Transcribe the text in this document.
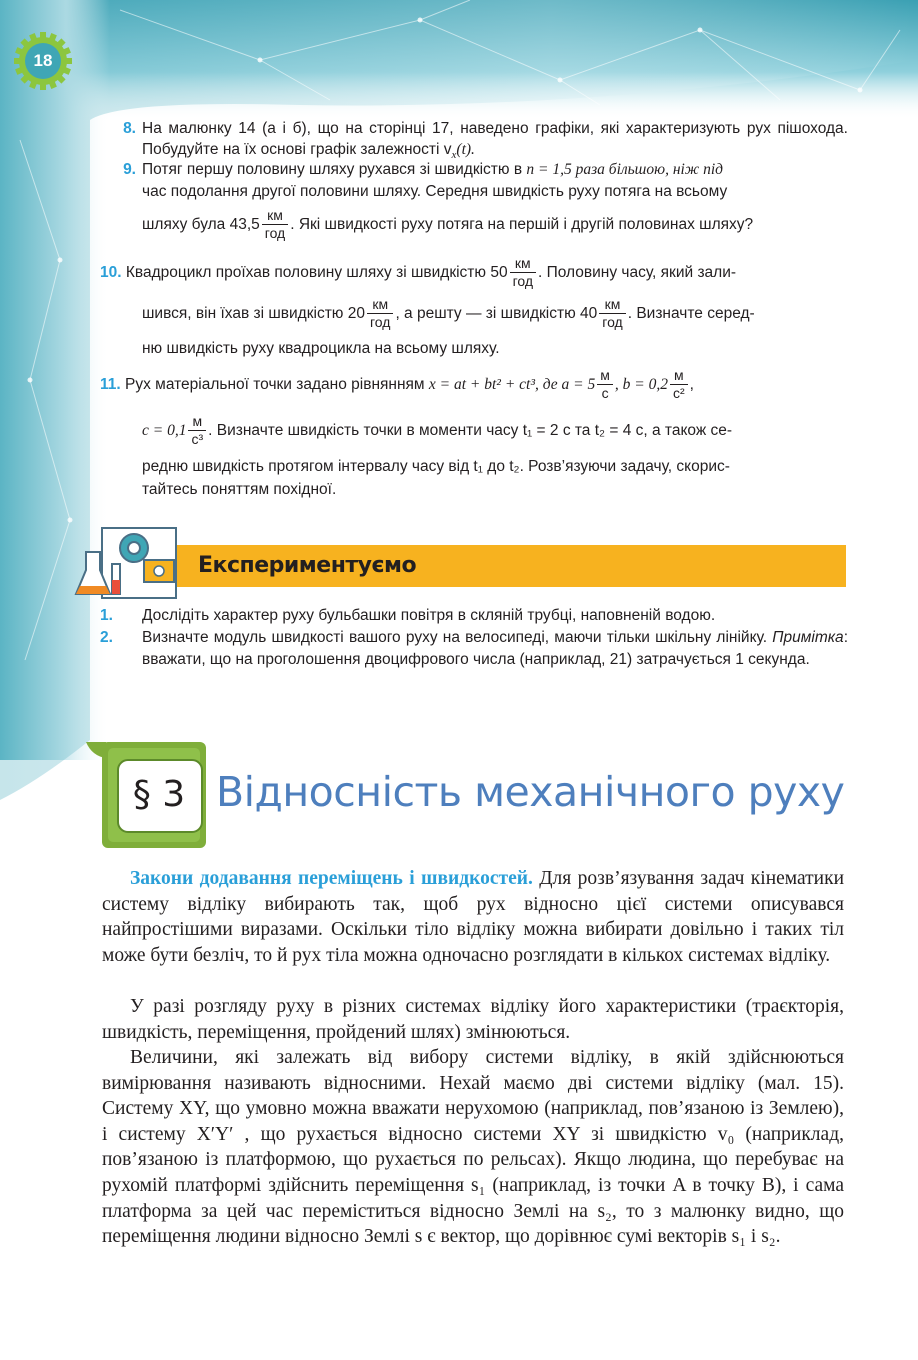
18
8. На малюнку 14 (а і б), що на сторінці 17, наведено графіки, які характеризують рух пішохода. Побудуйте на їх основі графік залежності $v_x(t)$.
9. Потяг першу половину шляху рухався зі швидкістю в n = 1,5 раза більшою, ніж під
час подолання другої половини шляху. Середня швидкість руху потяга на всьому
шляху була $43,5 \frac{км}{\text{год}}$ . Які швидкості руху потяга на першій і другій половинах шляху?
10. Квадроцикл проїхав половину шляху зі швидкістю $50 \frac{км}{\text{год}}$ . Половину часу, який зали-
шився, він їхав зі швидкістю $20 \frac{км}{\text{год}}$ , а решту — зі швидкістю $40 \frac{км}{\text{год}}$ . Визначте серед-
ню швидкість руху квадроцикла на всьому шляху.
11. Рух матеріальної точки задано рівнянням x = at + bt² + ct³, де $a = 5 \frac{м}{с}$ , $b = 0,2 \frac{м}{\text{с²}}$ ,
$c = 0,1 \frac{м}{\text{с³}}$ . Визначте швидкість точки в моменти часу t₁ = 2 с та t₂ = 4 с, а також се-
редню швидкість протягом інтервалу часу від t₁ до t₂. Розв’язуючи задачу, скорис-
тайтесь поняттям похідної.
Експериментуємо
1. Дослідіть характер руху бульбашки повітря в скляній трубці, наповненій водою.
2. Визначте модуль швидкості вашого руху на велосипеді, маючи тільки шкільну лінійку. Примітка: вважати, що на проголошення двоцифрового числа (наприклад, 21) затрачується 1 секунда.
§ 3 Відносність механічного руху
Закони додавання переміщень і швидкостей. Для розв’язування задач кінематики систему відліку вибирають так, щоб рух відносно цієї системи описувався найпростішими виразами. Оскільки тіло відліку можна вибирати довільно і таких тіл може бути безліч, то й рух тіла можна одночасно розглядати в кількох системах відліку.
У разі розгляду руху в різних системах відліку його характеристики (траєкторія, швидкість, переміщення, пройдений шлях) змінюються.
Величини, які залежать від вибору системи відліку, в якій здійснюються вимірювання називають відносними. Нехай маємо дві системи відліку (мал. 15). Систему XY, що умовно можна вважати нерухомою (наприклад, пов’язаною із Землею), і систему X′Y′ , що рухається відносно системи XY зі швидкістю v₀ (наприклад, пов’язаною із платформою, що рухається по рельсах). Якщо людина, що перебуває на рухомій платформі здійснить переміщення s₁ (наприклад, із точки A в точку B), і сама платформа за цей час переміститься відносно Землі на s₂, то з малюнку видно, що переміщення людини відносно Землі s є вектор, що дорівнює сумі векторів s₁ і s₂.
